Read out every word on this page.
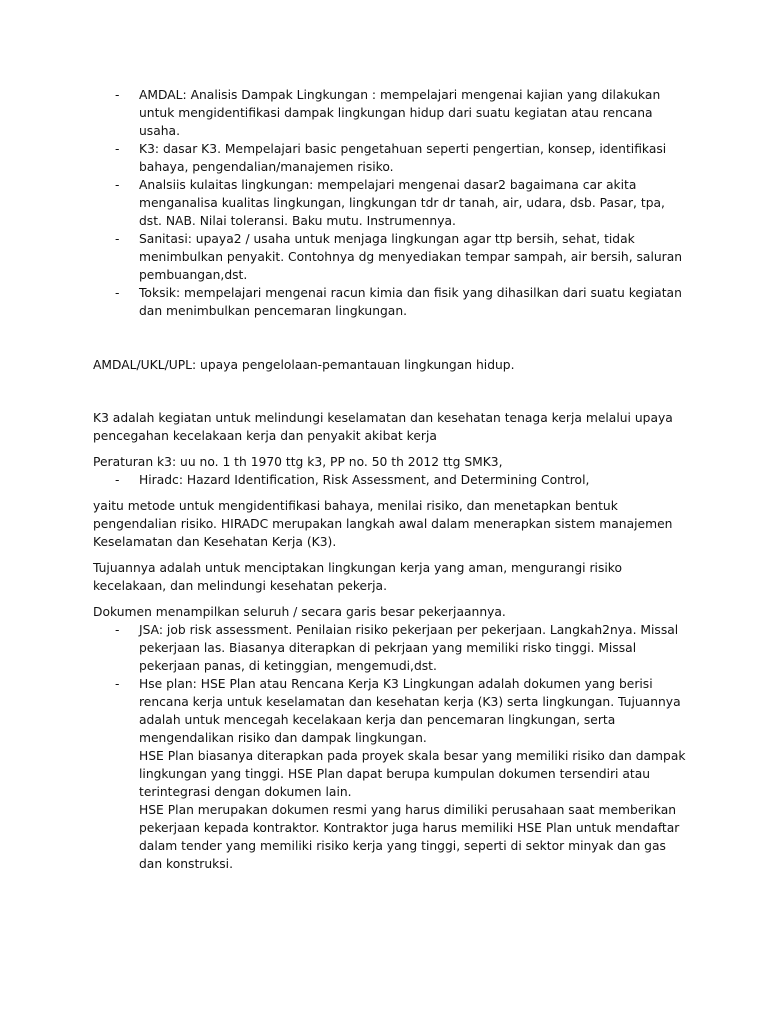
- AMDAL: Analisis Dampak Lingkungan : mempelajari mengenai kajian yang dilakukan untuk mengidentifikasi dampak lingkungan hidup dari suatu kegiatan atau rencana usaha.
- K3: dasar K3. Mempelajari basic pengetahuan seperti pengertian, konsep, identifikasi bahaya, pengendalian/manajemen risiko.
- Analsiis kulaitas lingkungan: mempelajari mengenai dasar2 bagaimana car akita menganalisa kualitas lingkungan, lingkungan tdr dr tanah, air, udara, dsb. Pasar, tpa, dst. NAB. Nilai toleransi. Baku mutu. Instrumennya.
- Sanitasi: upaya2 / usaha untuk menjaga lingkungan agar ttp bersih, sehat, tidak menimbulkan penyakit. Contohnya dg menyediakan tempar sampah, air bersih, saluran pembuangan,dst.
- Toksik: mempelajari mengenai racun kimia dan fisik yang dihasilkan dari suatu kegiatan dan menimbulkan pencemaran lingkungan.

AMDAL/UKL/UPL: upaya pengelolaan-pemantauan lingkungan hidup.

K3 adalah kegiatan untuk melindungi keselamatan dan kesehatan tenaga kerja melalui upaya pencegahan kecelakaan kerja dan penyakit akibat kerja

Peraturan k3: uu no. 1 th 1970 ttg k3, PP no. 50 th 2012 ttg SMK3,

- Hiradc: Hazard Identification, Risk Assessment, and Determining Control,

yaitu metode untuk mengidentifikasi bahaya, menilai risiko, dan menetapkan bentuk pengendalian risiko. HIRADC merupakan langkah awal dalam menerapkan sistem manajemen Keselamatan dan Kesehatan Kerja (K3).

Tujuannya adalah untuk menciptakan lingkungan kerja yang aman, mengurangi risiko kecelakaan, dan melindungi kesehatan pekerja.

Dokumen menampilkan seluruh / secara garis besar pekerjaannya.

- JSA: job risk assessment. Penilaian risiko pekerjaan per pekerjaan. Langkah2nya. Missal pekerjaan las. Biasanya diterapkan di pekrjaan yang memiliki risko tinggi. Missal pekerjaan panas, di ketinggian, mengemudi,dst.
- Hse plan: HSE Plan atau Rencana Kerja K3 Lingkungan adalah dokumen yang berisi rencana kerja untuk keselamatan dan kesehatan kerja (K3) serta lingkungan. Tujuannya adalah untuk mencegah kecelakaan kerja dan pencemaran lingkungan, serta mengendalikan risiko dan dampak lingkungan.
HSE Plan biasanya diterapkan pada proyek skala besar yang memiliki risiko dan dampak lingkungan yang tinggi. HSE Plan dapat berupa kumpulan dokumen tersendiri atau terintegrasi dengan dokumen lain.
HSE Plan merupakan dokumen resmi yang harus dimiliki perusahaan saat memberikan pekerjaan kepada kontraktor. Kontraktor juga harus memiliki HSE Plan untuk mendaftar dalam tender yang memiliki risiko kerja yang tinggi, seperti di sektor minyak dan gas dan konstruksi.
